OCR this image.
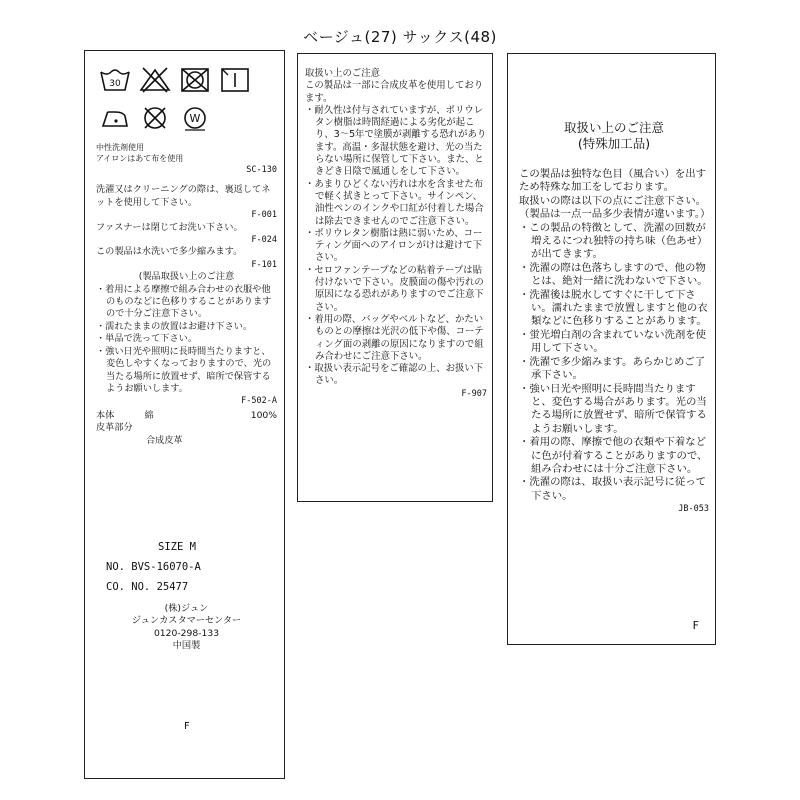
ベージュ(27) サックス(48)
30
W
中性洗剤使用
アイロンはあて布を使用
SC-130
洗濯又はクリーニングの際は、裏返してネットを使用して下さい。
F-001
ファスナーは閉じてお洗い下さい。
F-024
この製品は水洗いで多少縮みます。
F-101
(製品取扱い上のご注意
・着用による摩擦で組み合わせの衣服や他のものなどに色移りすることがありますので十分ご注意下さい。
・濡れたままの放置はお避け下さい。
・単品で洗って下さい。
・強い日光や照明に長時間当たりますと、変色しやすくなっておりますので、光の当たる場所に放置せず、暗所で保管するようお願いします。
F-502-A
本体	綿	100%
皮革部分
合成皮革
SIZE M
NO. BVS-16070-A
CO. NO. 25477
(株)ジュン
ジュンカスタマーセンター
0120-298-133
中国製
F
取扱い上のご注意
この製品は一部に合成皮革を使用しております。
・耐久性は付与されていますが、ポリウレタン樹脂は時間経過による劣化が起こり、3～5年で塗膜が剥離する恐れがあります。高温・多湿状態を避け、光の当たらない場所に保管して下さい。また、ときどき日陰で風通しをして下さい。
・あまりひどくない汚れは水を含ませた布で軽く拭きとって下さい。サインペン、油性ペンのインクや口紅が付着した場合は除去できませんのでご注意下さい。
・ポリウレタン樹脂は熱に弱いため、コーティング面へのアイロンがけは避けて下さい。
・セロファンテープなどの粘着テープは貼付けないで下さい。皮膜面の傷や汚れの原因になる恐れがありますのでご注意下さい。
・着用の際、バッグやベルトなど、かたいものとの摩擦は光沢の低下や傷、コーティング面の剥離の原因になりますので組み合わせにご注意下さい。
・取扱い表示記号をご確認の上、お扱い下さい。
F-907
取扱い上のご注意
(特殊加工品)
この製品は独特な色目（風合い）を出すため特殊な加工をしております。
取扱いの際は以下の点にご注意下さい。（製品は一点一品多少表情が違います。）
・この製品の特徴として、洗濯の回数が増えるにつれ独特の持ち味（色あせ）が出てきます。
・洗濯の際は色落ちしますので、他の物とは、絶対一緒に洗わないで下さい。
・洗濯後は脱水してすぐに干して下さい。濡れたままで放置しますと他の衣類などに色移りすることがあります。
・蛍光増白剤の含まれていない洗剤を使用して下さい。
・洗濯で多少縮みます。あらかじめご了承下さい。
・強い日光や照明に長時間当たりますと、変色する場合があります。光の当たる場所に放置せず、暗所で保管するようお願いします。
・着用の際、摩擦で他の衣類や下着などに色が付着することがありますので、組み合わせには十分ご注意下さい。
・洗濯の際は、取扱い表示記号に従って下さい。
JB-053
F
